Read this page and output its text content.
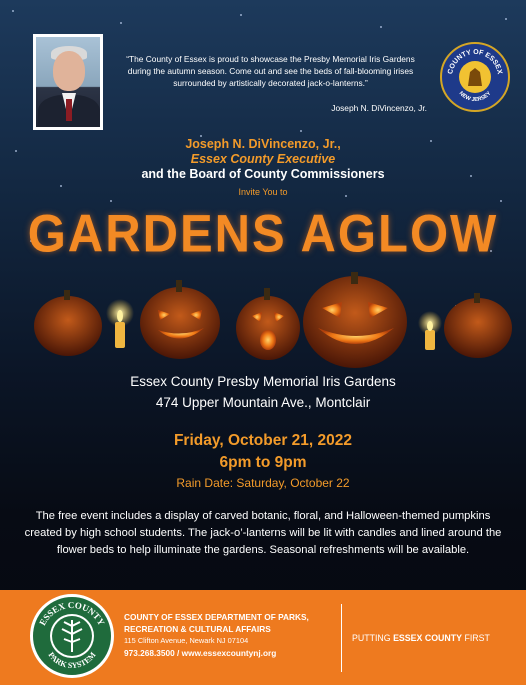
“The County of Essex is proud to showcase the Presby Memorial Iris Gardens during the autumn season. Come out and see the beds of fall-blooming irises surrounded by artistically decorated jack-o-lanterns.”
Joseph N. DiVincenzo, Jr.
COUNTY OF ESSEX
NEW JERSEY
Joseph N. DiVincenzo, Jr.,
Essex County Executive
and the Board of County Commissioners
Invite You to
GARDENS AGLOW
Essex County Presby Memorial Iris Gardens
474 Upper Mountain Ave., Montclair
Friday, October 21, 2022
6pm to 9pm
Rain Date: Saturday, October 22
The free event includes a display of carved botanic, floral, and Halloween-themed pumpkins created by high school students. The jack-o’-lanterns will be lit with candles and lined around the flower beds to help illuminate the gardens. Seasonal refreshments will be available.
ESSEX COUNTY
PARK SYSTEM
COUNTY OF ESSEX DEPARTMENT OF PARKS,
RECREATION & CULTURAL AFFAIRS
115 Clifton Avenue, Newark NJ 07104
973.268.3500 / www.essexcountynj.org
PUTTING ESSEX COUNTY FIRST
